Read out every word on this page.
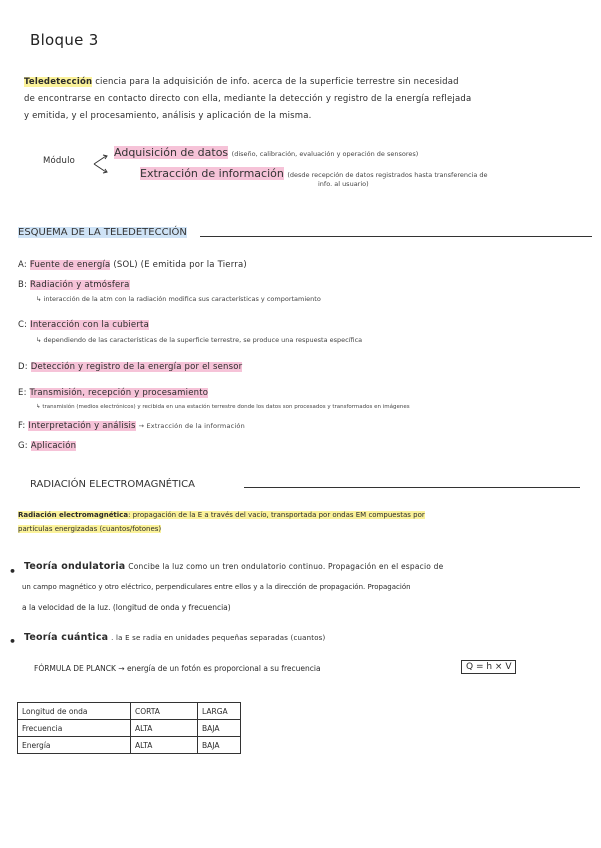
Bloque 3
Teledetección ciencia para la adquisición de info. acerca de la superficie terrestre sin necesidad
de encontrarse en contacto directo con ella, mediante la detección y registro de la energía reflejada
y emitida, y el procesamiento, análisis y aplicación de la misma.
Módulo
Adquisición de datos (diseño, calibración, evaluación y operación de sensores)
Extracción de información (desde recepción de datos registrados hasta transferencia de
info. al usuario)
ESQUEMA DE LA TELEDETECCIÓN
A: Fuente de energía (SOL) (E emitida por la Tierra)
B: Radiación y atmósfera
↳ interacción de la atm con la radiación modifica sus características y comportamiento
C: Interacción con la cubierta
↳ dependiendo de las características de la superficie terrestre, se produce una respuesta específica
D: Detección y registro de la energía por el sensor
E: Transmisión, recepción y procesamiento
↳ transmisión (medios electrónicos) y recibida en una estación terrestre donde los datos son procesados y transformados en imágenes
F: Interpretación y análisis → Extracción de la información
G: Aplicación
RADIACIÓN ELECTROMAGNÉTICA
Radiación electromagnética: propagación de la E a través del vacío, transportada por ondas EM compuestas por
partículas energizadas (cuantos/fotones)
• Teoría ondulatoria Concibe la luz como un tren ondulatorio continuo. Propagación en el espacio de
un campo magnético y otro eléctrico, perpendiculares entre ellos y a la dirección de propagación. Propagación
a la velocidad de la luz. (longitud de onda y frecuencia)
• Teoría cuántica . la E se radia en unidades pequeñas separadas (cuantos)
FÓRMULA DE PLANCK → energía de un fotón es proporcional a su frecuencia	Q = h × V
Longitud de onda	CORTA	LARGA
Frecuencia	ALTA	BAJA
Energía	ALTA	BAJA
